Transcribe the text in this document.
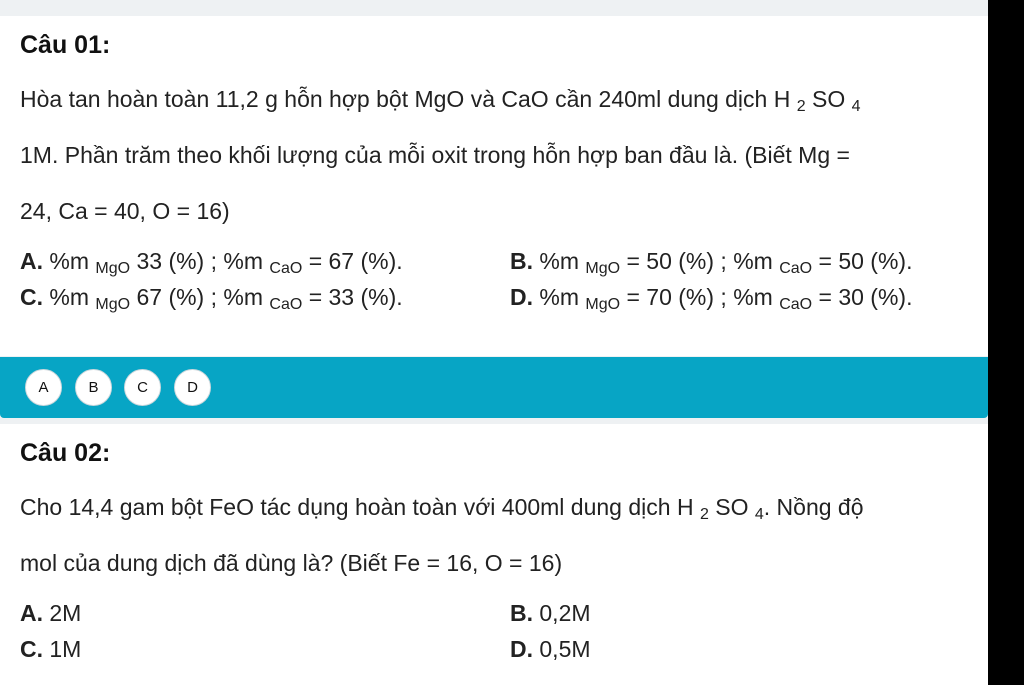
Câu 01:
Hòa tan hoàn toàn 11,2 g hỗn hợp bột MgO và CaO cần 240ml dung dịch H $_2$ SO $_4$
1M. Phần trăm theo khối lượng của mỗi oxit trong hỗn hợp ban đầu là. (Biết Mg =
24, Ca = 40, O = 16)
A. %m $_{MgO}$ 33 (%) ; %m $_{CaO}$ = 67 (%).	B. %m $_{MgO}$ = 50 (%) ; %m $_{CaO}$ = 50 (%).
C. %m $_{MgO}$ 67 (%) ; %m $_{CaO}$ = 33 (%).	D. %m $_{MgO}$ = 70 (%) ; %m $_{CaO}$ = 30 (%).
A	B	C	D
Câu 02:
Cho 14,4 gam bột FeO tác dụng hoàn toàn với 400ml dung dịch H $_2$ SO $_4$. Nồng độ
mol của dung dịch đã dùng là? (Biết Fe = 16, O = 16)
A. 2M	B. 0,2M
C. 1M	D. 0,5M
